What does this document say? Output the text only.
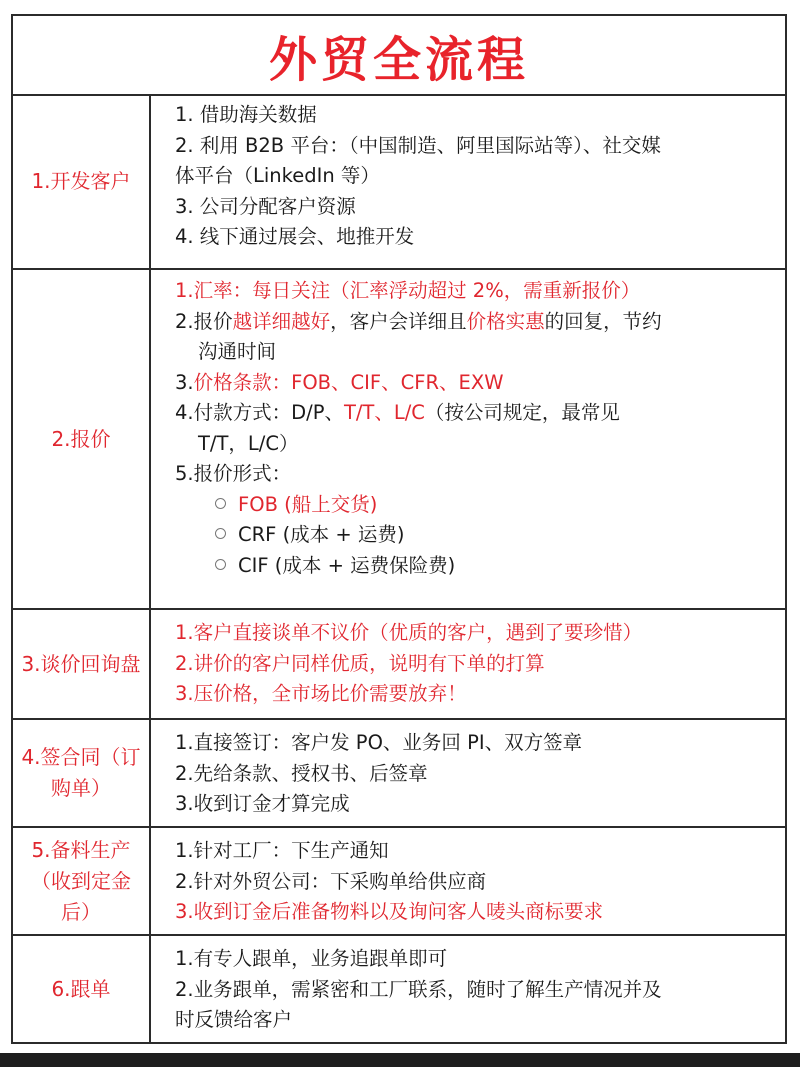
外贸全流程
1.开发客户
1. 借助海关数据
2. 利用 B2B 平台：（中国制造、阿里国际站等）、社交媒
体平台（LinkedIn 等）
3. 公司分配客户资源
4. 线下通过展会、地推开发
2.报价
1.汇率：每日关注（汇率浮动超过 2%，需重新报价）
2.报价越详细越好，客户会详细且价格实惠的回复，节约
沟通时间
3.价格条款：FOB、CIF、CFR、EXW
4.付款方式：D/P、T/T、L/C（按公司规定，最常见
T/T，L/C）
5.报价形式：
FOB (船上交货)
CRF (成本 + 运费)
CIF (成本 + 运费保险费)
3.谈价回询盘
1.客户直接谈单不议价（优质的客户，遇到了要珍惜）
2.讲价的客户同样优质，说明有下单的打算
3.压价格，全市场比价需要放弃！
4.签合同（订购单）
1.直接签订：客户发 PO、业务回 PI、双方签章
2.先给条款、授权书、后签章
3.收到订金才算完成
5.备料生产（收到定金后）
1.针对工厂：下生产通知
2.针对外贸公司：下采购单给供应商
3.收到订金后准备物料以及询问客人唛头商标要求
6.跟单
1.有专人跟单，业务追跟单即可
2.业务跟单，需紧密和工厂联系，随时了解生产情况并及
时反馈给客户
